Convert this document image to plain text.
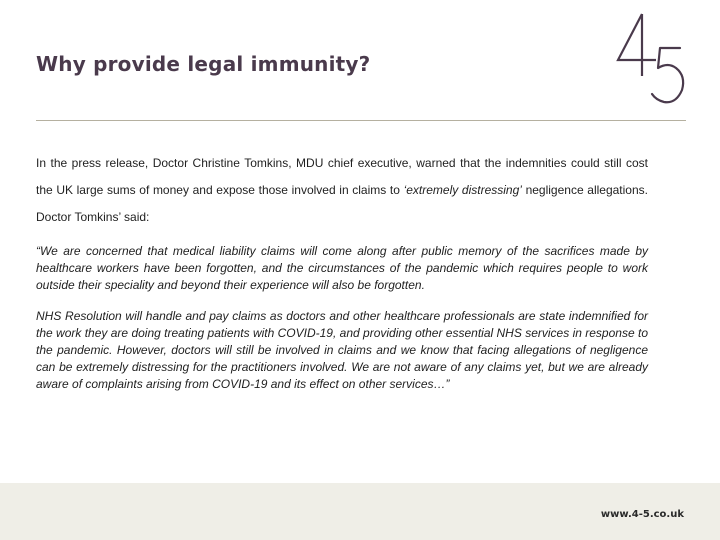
Why provide legal immunity?

In the press release, Doctor Christine Tomkins, MDU chief executive, warned that the indemnities could still cost the UK large sums of money and expose those involved in claims to ‘extremely distressing’ negligence allegations. Doctor Tomkins’ said:

“We are concerned that medical liability claims will come along after public memory of the sacrifices made by healthcare workers have been forgotten, and the circumstances of the pandemic which requires people to work outside their speciality and beyond their experience will also be forgotten.

NHS Resolution will handle and pay claims as doctors and other healthcare professionals are state indemnified for the work they are doing treating patients with COVID-19, and providing other essential NHS services in response to the pandemic. However, doctors will still be involved in claims and we know that facing allegations of negligence can be extremely distressing for the practitioners involved. We are not aware of any claims yet, but we are already aware of complaints arising from COVID-19 and its effect on other services…”

www.4-5.co.uk
